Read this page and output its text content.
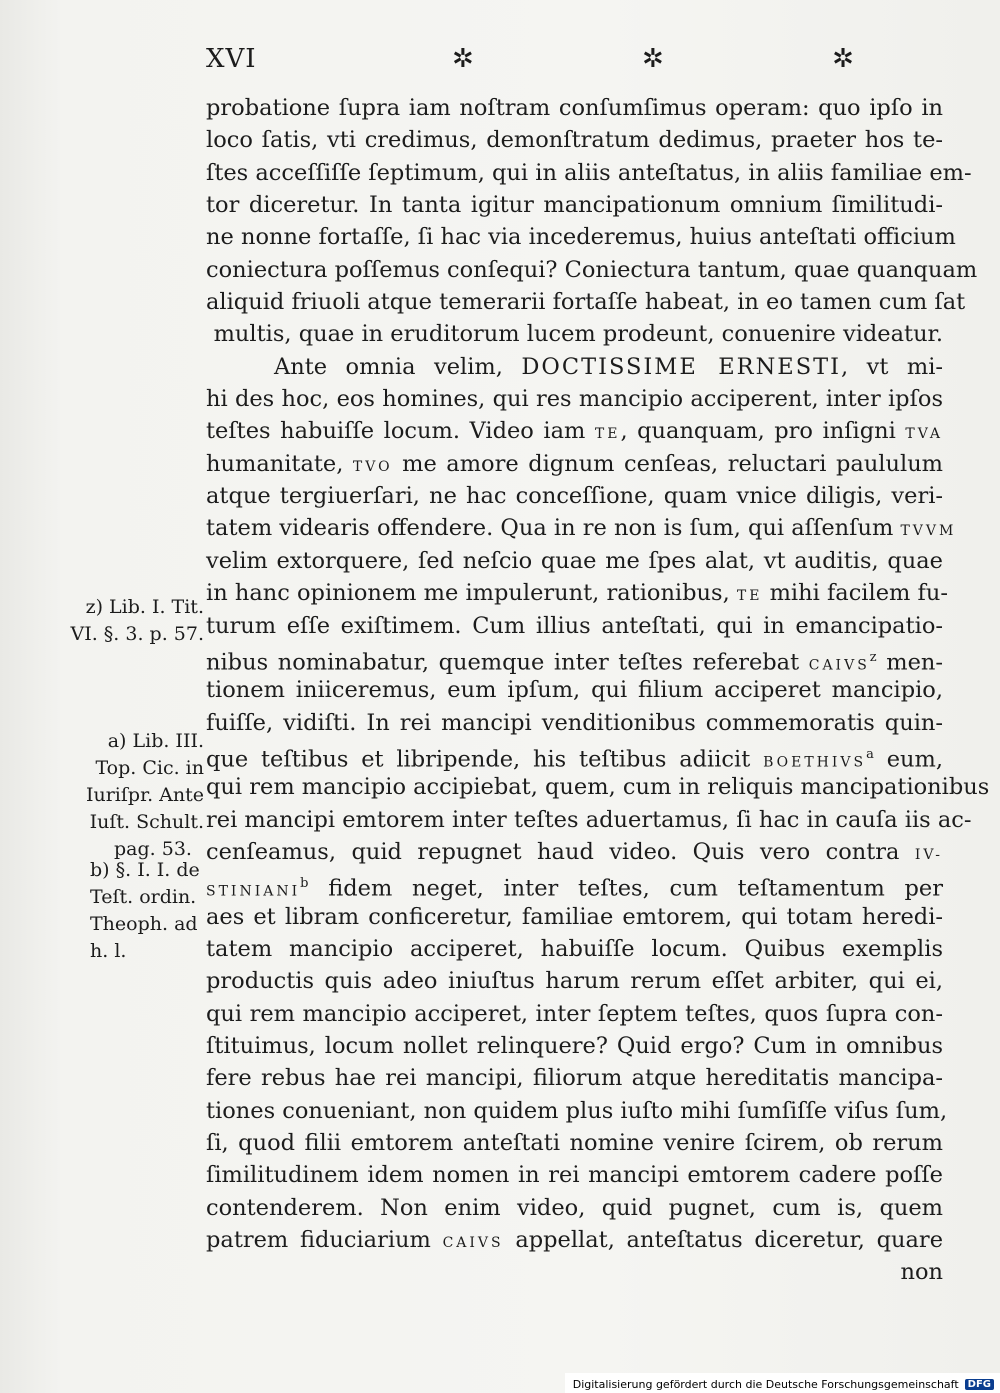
XVI	✲ ✲ ✲
probatione ſupra iam noſtram conſumſimus operam: quo ipſo in
loco ſatis, vti credimus, demonſtratum dedimus, praeter hos te-
ſtes acceſſiſſe ſeptimum, qui in aliis anteſtatus, in aliis familiae em-
tor diceretur. In tanta igitur mancipationum omnium ſimilitudi-
ne nonne fortaſſe, ſi hac via incederemus, huius anteſtati officium
coniectura poſſemus conſequi? Coniectura tantum, quae quanquam
aliquid friuoli atque temerarii fortaſſe habeat, in eo tamen cum ſat
multis, quae in eruditorum lucem prodeunt, conuenire videatur.
Ante omnia velim, DOCTISSIME ERNESTI, vt mi-
hi des hoc, eos homines, qui res mancipio acciperent, inter ipſos
teſtes habuiſſe locum. Video iam TE, quanquam, pro inſigni TVA
humanitate, TVO me amore dignum cenſeas, reluctari paululum
atque tergiuerſari, ne hac conceſſione, quam vnice diligis, veri-
tatem videaris offendere. Qua in re non is ſum, qui aſſenſum TVVM
velim extorquere, ſed neſcio quae me ſpes alat, vt auditis, quae
in hanc opinionem me impulerunt, rationibus, TE mihi facilem fu-
turum eſſe exiſtimem. Cum illius anteſtati, qui in emancipatio-
nibus nominabatur, quemque inter teſtes referebat CAIVS$^z$ men-
tionem iniiceremus, eum ipſum, qui filium acciperet mancipio,
fuiſſe, vidiſti. In rei mancipi venditionibus commemoratis quin-
que teſtibus et libripende, his teſtibus adiicit BOETHIVS$^a$ eum,
qui rem mancipio accipiebat, quem, cum in reliquis mancipationibus
rei mancipi emtorem inter teſtes aduertamus, ſi hac in cauſa iis ac-
cenſeamus, quid repugnet haud video. Quis vero contra IV-
STINIANI$^b$ fidem neget, inter teſtes, cum teſtamentum per
aes et libram conficeretur, familiae emtorem, qui totam heredi-
tatem mancipio acciperet, habuiſſe locum. Quibus exemplis
productis quis adeo iniuſtus harum rerum eſſet arbiter, qui ei,
qui rem mancipio acciperet, inter ſeptem teſtes, quos ſupra con-
ſtituimus, locum nollet relinquere? Quid ergo? Cum in omnibus
fere rebus hae rei mancipi, filiorum atque hereditatis mancipa-
tiones conueniant, non quidem plus iuſto mihi ſumſiſſe viſus ſum,
ſi, quod filii emtorem anteſtati nomine venire ſcirem, ob rerum
ſimilitudinem idem nomen in rei mancipi emtorem cadere poſſe
contenderem. Non enim video, quid pugnet, cum is, quem
patrem fiduciarium CAIVS appellat, anteſtatus diceretur, quare
non
z) Lib. I. Tit.
VI. §. 3. p. 57.
a) Lib. III.
Top. Cic. in
Iuriſpr. Ante
Iuſt. Schult.
pag. 53.
b) §. I. I. de
Teſt. ordin.
Theoph. ad
h. l.
Digitalisierung gefördert durch die Deutsche Forschungsgemeinschaft DFG
